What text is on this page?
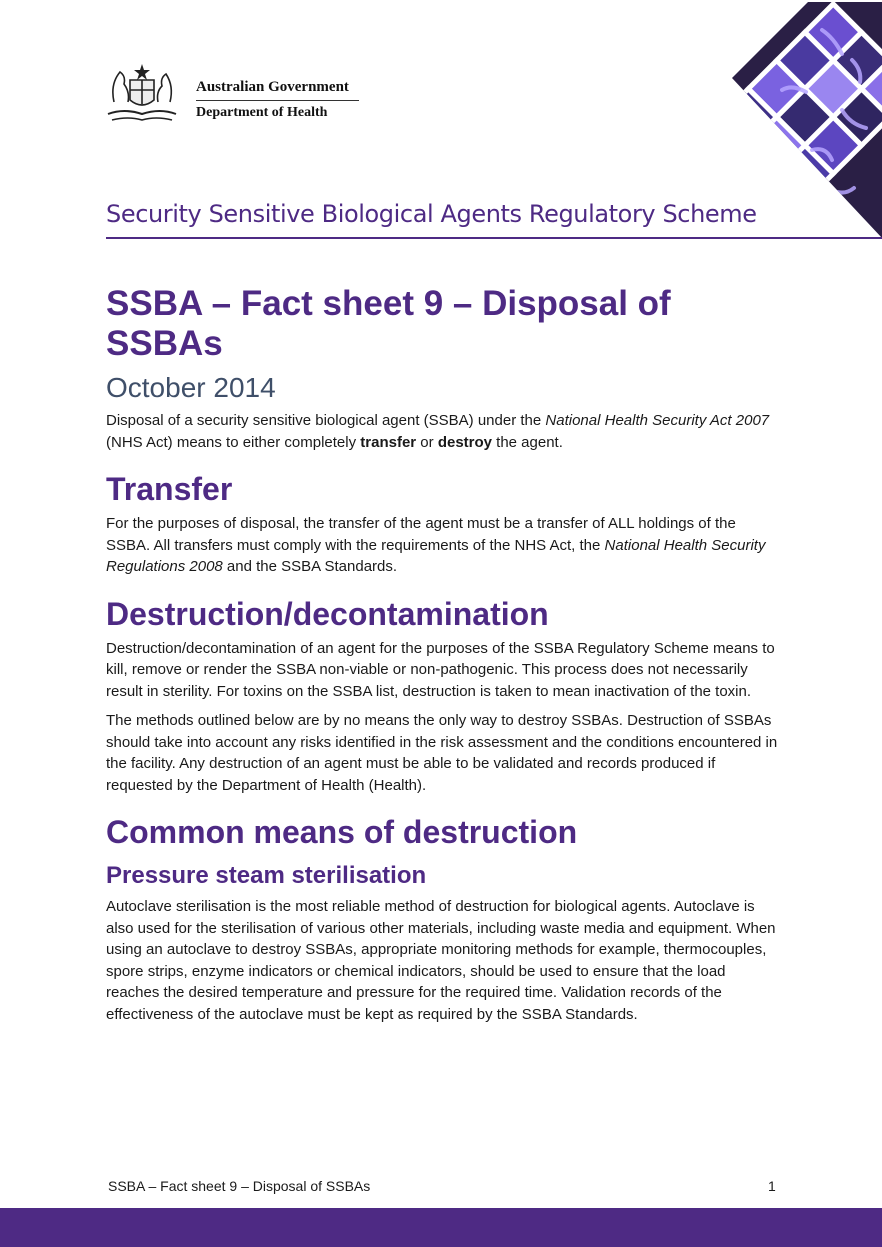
Australian Government
Department of Health
Security Sensitive Biological Agents Regulatory Scheme
SSBA – Fact sheet 9 – Disposal of SSBAs
October 2014

Disposal of a security sensitive biological agent (SSBA) under the National Health Security Act 2007 (NHS Act) means to either completely transfer or destroy the agent.

Transfer

For the purposes of disposal, the transfer of the agent must be a transfer of ALL holdings of the SSBA. All transfers must comply with the requirements of the NHS Act, the National Health Security Regulations 2008 and the SSBA Standards.

Destruction/decontamination

Destruction/decontamination of an agent for the purposes of the SSBA Regulatory Scheme means to kill, remove or render the SSBA non-viable or non-pathogenic. This process does not necessarily result in sterility. For toxins on the SSBA list, destruction is taken to mean inactivation of the toxin.

The methods outlined below are by no means the only way to destroy SSBAs. Destruction of SSBAs should take into account any risks identified in the risk assessment and the conditions encountered in the facility. Any destruction of an agent must be able to be validated and records produced if requested by the Department of Health (Health).

Common means of destruction
Pressure steam sterilisation

Autoclave sterilisation is the most reliable method of destruction for biological agents. Autoclave is also used for the sterilisation of various other materials, including waste media and equipment. When using an autoclave to destroy SSBAs, appropriate monitoring methods for example, thermocouples, spore strips, enzyme indicators or chemical indicators, should be used to ensure that the load reaches the desired temperature and pressure for the required time. Validation records of the effectiveness of the autoclave must be kept as required by the SSBA Standards.

SSBA – Fact sheet 9 – Disposal of SSBAs	1
